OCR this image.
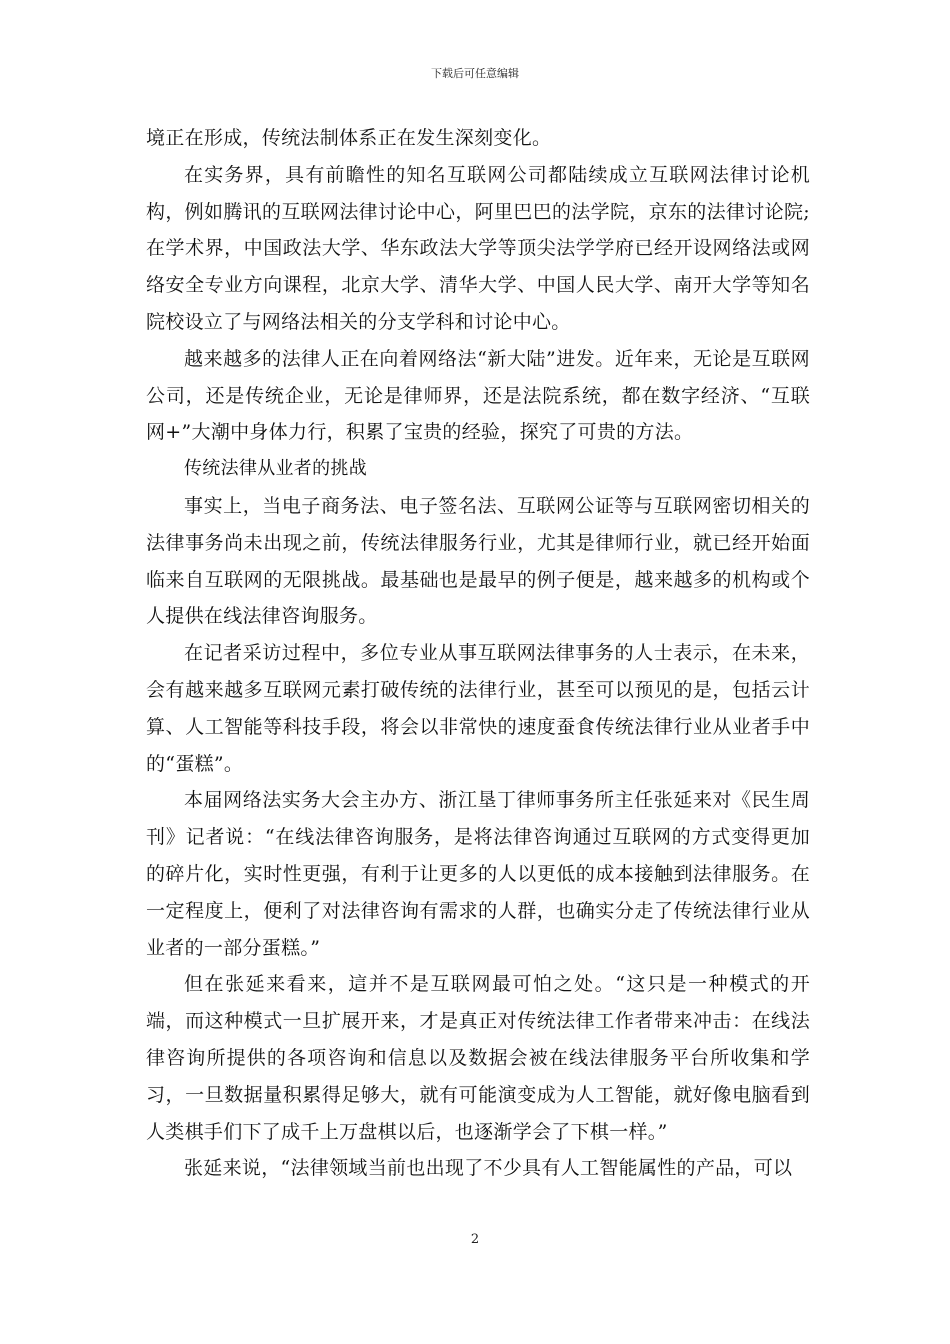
下载后可任意编辑

境正在形成，传统法制体系正在发生深刻变化。

在实务界，具有前瞻性的知名互联网公司都陆续成立互联网法律讨论机构，例如腾讯的互联网法律讨论中心，阿里巴巴的法学院，京东的法律讨论院;在学术界，中国政法大学、华东政法大学等顶尖法学学府已经开设网络法或网络安全专业方向课程，北京大学、清华大学、中国人民大学、南开大学等知名院校设立了与网络法相关的分支学科和讨论中心。

越来越多的法律人正在向着网络法“新大陆”进发。近年来，无论是互联网公司，还是传统企业，无论是律师界，还是法院系统，都在数字经济、“互联网+”大潮中身体力行，积累了宝贵的经验，探究了可贵的方法。

传统法律从业者的挑战

事实上，当电子商务法、电子签名法、互联网公证等与互联网密切相关的法律事务尚未出现之前，传统法律服务行业，尤其是律师行业，就已经开始面临来自互联网的无限挑战。最基础也是最早的例子便是，越来越多的机构或个人提供在线法律咨询服务。

在记者采访过程中，多位专业从事互联网法律事务的人士表示，在未来，会有越来越多互联网元素打破传统的法律行业，甚至可以预见的是，包括云计算、人工智能等科技手段，将会以非常快的速度蚕食传统法律行业从业者手中的“蛋糕”。

本届网络法实务大会主办方、浙江垦丁律师事务所主任张延来对《民生周刊》记者说：“在线法律咨询服务，是将法律咨询通过互联网的方式变得更加的碎片化，实时性更强，有利于让更多的人以更低的成本接触到法律服务。在一定程度上，便利了对法律咨询有需求的人群，也确实分走了传统法律行业从业者的一部分蛋糕。”

但在张延来看来，這并不是互联网最可怕之处。“这只是一种模式的开端，而这种模式一旦扩展开来，才是真正对传统法律工作者带来冲击：在线法律咨询所提供的各项咨询和信息以及数据会被在线法律服务平台所收集和学习，一旦数据量积累得足够大，就有可能演变成为人工智能，就好像电脑看到人类棋手们下了成千上万盘棋以后，也逐渐学会了下棋一样。”

张延来说，“法律领域当前也出现了不少具有人工智能属性的产品，可以

2
